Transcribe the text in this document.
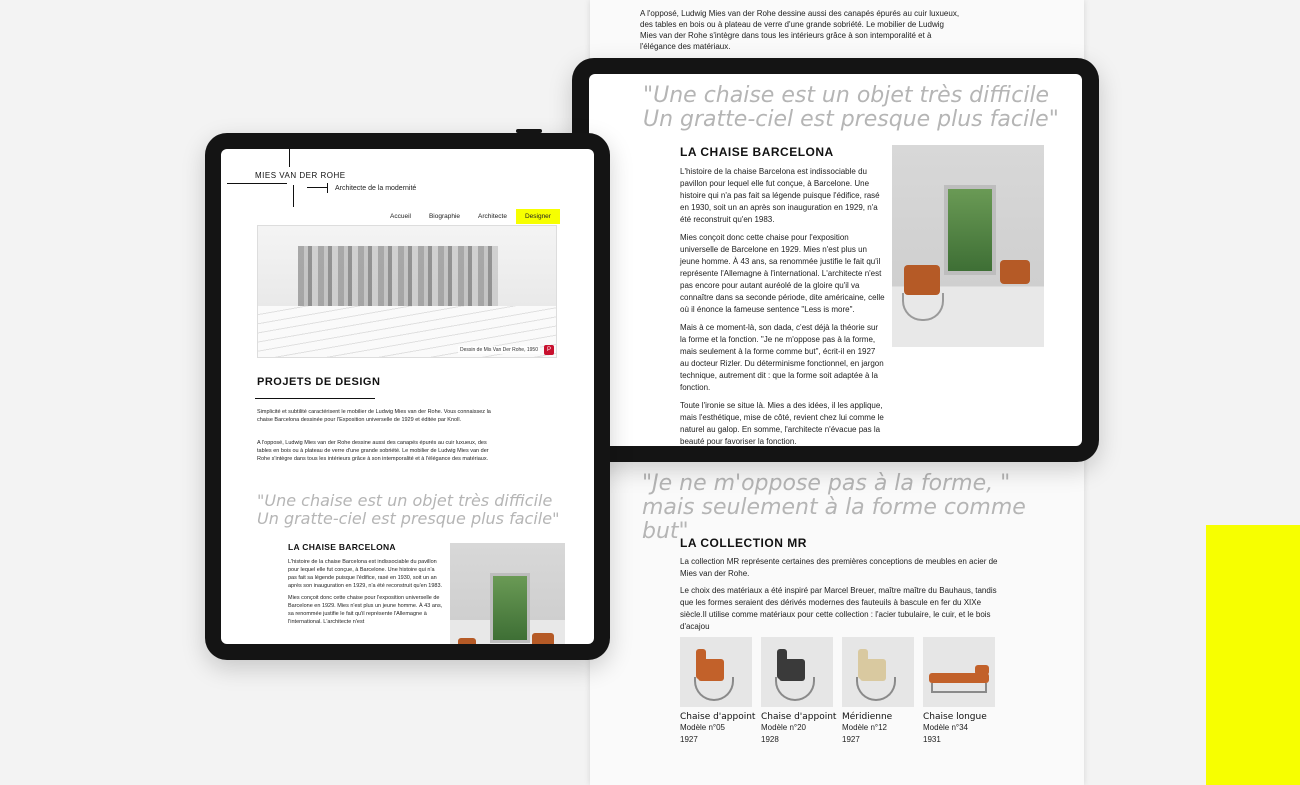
A l'opposé, Ludwig Mies van der Rohe dessine aussi des canapés épurés au cuir luxueux, des tables en bois ou à plateau de verre d'une grande sobriété. Le mobilier de Ludwig Mies van der Rohe s'intègre dans tous les intérieurs grâce à son intemporalité et à l'élégance des matériaux.

"Je ne m'oppose pas à la forme, " mais seulement à la forme comme but"

LA COLLECTION MR

La collection MR représente certaines des premières conceptions de meubles en acier de Mies van der Rohe.

Le choix des matériaux a été inspiré par Marcel Breuer, maître maître du Bauhaus, tandis que les formes seraient des dérivés modernes des fauteuils à bascule en fer du XIXe siècle.Il utilise comme matériaux pour cette collection : l'acier tubulaire, le cuir, et le bois d'acajou

Chaise d'appoint
Modèle n°05
1927
Chaise d'appoint
Modèle n°20
1928
Méridienne
Modèle n°12
1927
Chaise longue
Modèle n°34
1931

"Une chaise est un objet très difficile Un gratte-ciel est presque plus facile"

LA CHAISE BARCELONA

L'histoire de la chaise Barcelona est indissociable du pavillon pour lequel elle fut conçue, à Barcelone. Une histoire qui n'a pas fait sa légende puisque l'édifice, rasé en 1930, soit un an après son inauguration en 1929, n'a été reconstruit qu'en 1983.

Mies conçoit donc cette chaise pour l'exposition universelle de Barcelone en 1929. Mies n'est plus un jeune homme. À 43 ans, sa renommée justifie le fait qu'il représente l'Allemagne à l'international. L'architecte n'est pas encore pour autant auréolé de la gloire qu'il va connaître dans sa seconde période, dite américaine, celle où il énonce la fameuse sentence "Less is more".

Mais à ce moment-là, son dada, c'est déjà la théorie sur la forme et la fonction. "Je ne m'oppose pas à la forme, mais seulement à la forme comme but", écrit-il en 1927 au docteur Rizler. Du déterminisme fonctionnel, en jargon technique, autrement dit : que la forme soit adaptée à la fonction.

Toute l'ironie se situe là. Mies a des idées, il les applique, mais l'esthétique, mise de côté, revient chez lui comme le naturel au galop. En somme, l'architecte n'évacue pas la beauté pour favoriser la fonction.

MIES VAN DER ROHE
Architecte de la modernité
Accueil	Biographie	Architecte	Designer
Dessin de Mis Van Der Rohe, 1950	P
PROJETS DE DESIGN

Simplicité et subtilité caractérisent le mobilier de Ludwig Mies van der Rohe. Vous connaissez la chaise Barcelona dessinée pour l'Exposition universelle de 1929 et éditée par Knoll.

A l'opposé, Ludwig Mies van der Rohe dessine aussi des canapés épurés au cuir luxueux, des tables en bois ou à plateau de verre d'une grande sobriété. Le mobilier de Ludwig Mies van der Rohe s'intègre dans tous les intérieurs grâce à son intemporalité et à l'élégance des matériaux.

"Une chaise est un objet très difficile Un gratte-ciel est presque plus facile"

LA CHAISE BARCELONA

L'histoire de la chaise Barcelona est indissociable du pavillon pour lequel elle fut conçue, à Barcelone. Une histoire qui n'a pas fait sa légende puisque l'édifice, rasé en 1930, soit un an après son inauguration en 1929, n'a été reconstruit qu'en 1983.

Mies conçoit donc cette chaise pour l'exposition universelle de Barcelone en 1929. Mies n'est plus un jeune homme. À 43 ans, sa renommée justifie le fait qu'il représente l'Allemagne à l'international. L'architecte n'est
